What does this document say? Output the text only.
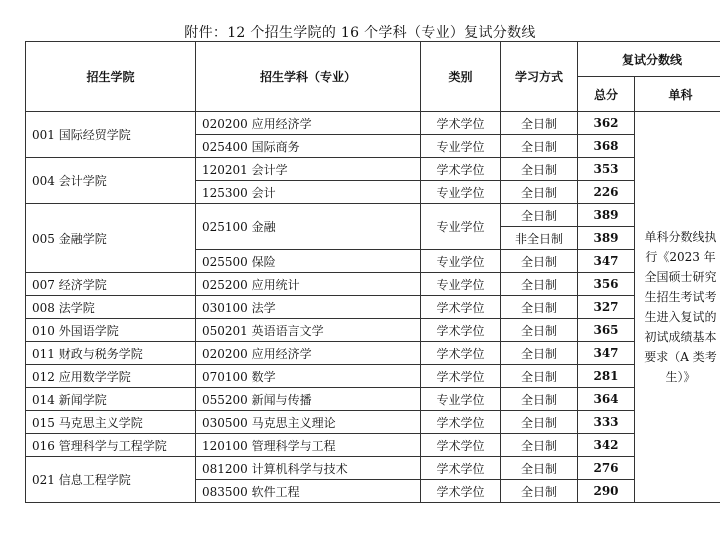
附件：12 个招生学院的 16 个学科（专业）复试分数线
招生学院	招生学科（专业）	类别	学习方式	复试分数线	
				总分	单科
001 国际经贸学院	020200 应用经济学	学术学位	全日制	362	单科分数线执行《2023 年全国硕士研究生招生考试考生进入复试的初试成绩基本要求（A 类考生）》
	025400 国际商务	专业学位	全日制	368	
004 会计学院	120201 会计学	学术学位	全日制	353	
	125300 会计	专业学位	全日制	226	
005 金融学院	025100 金融	专业学位	全日制	389	
			非全日制	389	
	025500 保险	专业学位	全日制	347	
007 经济学院	025200 应用统计	专业学位	全日制	356	
008 法学院	030100 法学	学术学位	全日制	327	
010 外国语学院	050201 英语语言文学	学术学位	全日制	365	
011 财政与税务学院	020200 应用经济学	学术学位	全日制	347	
012 应用数学学院	070100 数学	学术学位	全日制	281	
014 新闻学院	055200 新闻与传播	专业学位	全日制	364	
015 马克思主义学院	030500 马克思主义理论	学术学位	全日制	333	
016 管理科学与工程学院	120100 管理科学与工程	学术学位	全日制	342	
021 信息工程学院	081200 计算机科学与技术	学术学位	全日制	276	
	083500 软件工程	学术学位	全日制	290	
